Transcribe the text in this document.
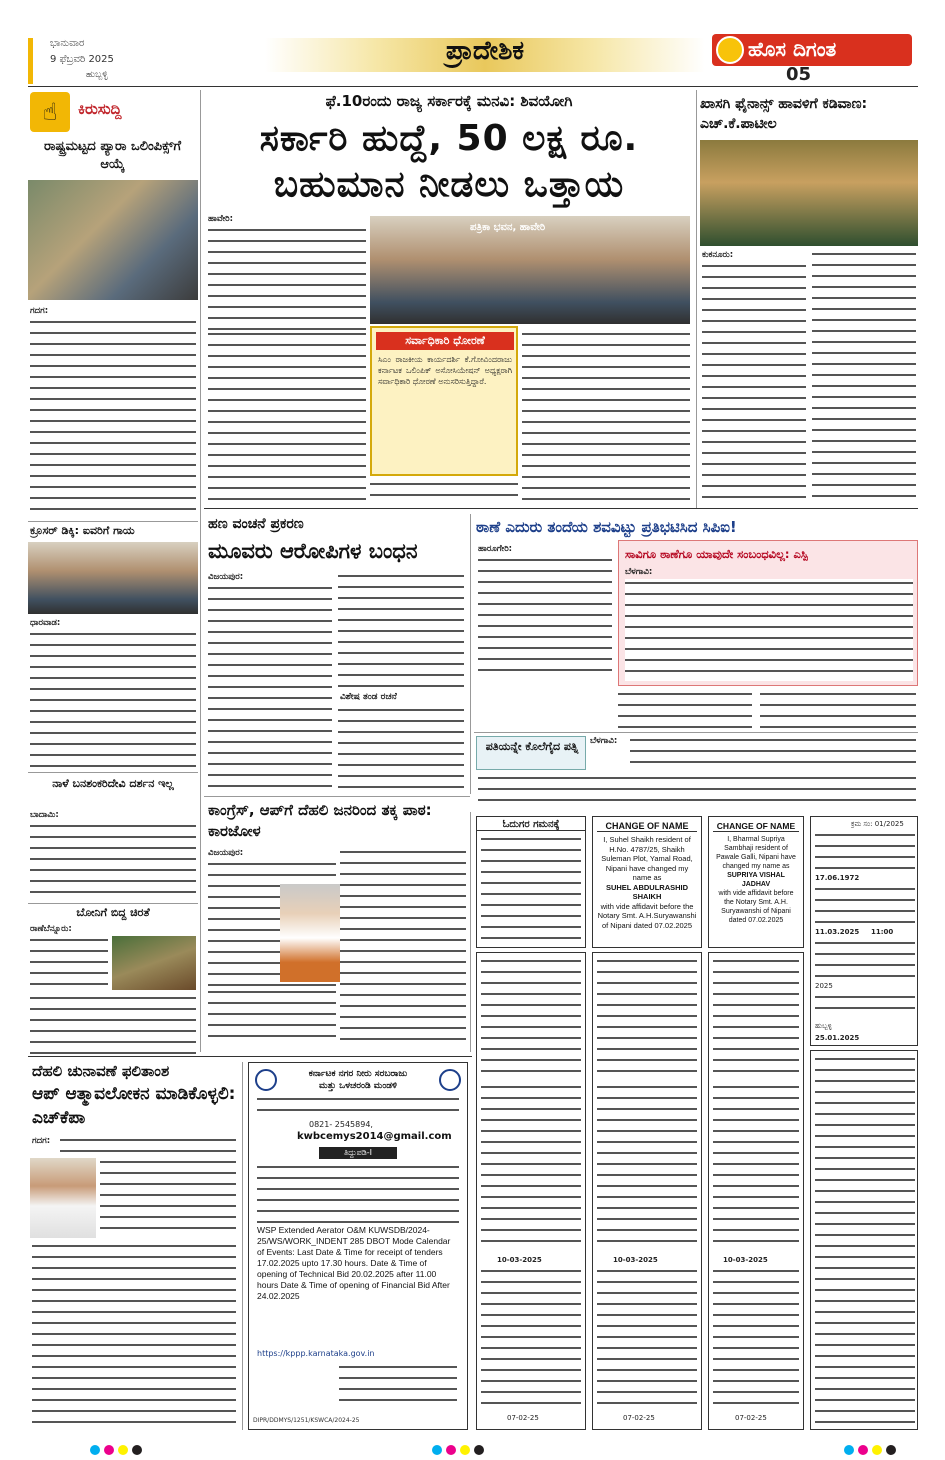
ಭಾನುವಾರ
9 ಫೆಬ್ರವರಿ 2025
ಹುಬ್ಬಳ್ಳಿ
ಪ್ರಾದೇಶಿಕ	ಹೊಸ ದಿಗಂತ
05
☝	ಕಿರುಸುದ್ದಿ
ರಾಷ್ಟ್ರಮಟ್ಟದ ಪ್ಯಾರಾ ಒಲಿಂಪಿಕ್ಸ್‌ಗೆ ಆಯ್ಕೆ
ಗದಗ:
ಕ್ರೂಸರ್ ಡಿಕ್ಕಿ: ಐವರಿಗೆ ಗಾಯ
ಧಾರವಾಡ:
ನಾಳೆ ಬನಶಂಕರಿದೇವಿ ದರ್ಶನ ಇಲ್ಲ
ಬಾದಾಮಿ:
ಬೋನಿಗೆ ಬಿದ್ದ ಚಿರತೆ
ರಾಣೆಬೆನ್ನೂರು:
ಫೆ.10ರಂದು ರಾಜ್ಯ ಸರ್ಕಾರಕ್ಕೆ ಮನವಿ: ಶಿವಯೋಗಿ
ಸರ್ಕಾರಿ ಹುದ್ದೆ, 50 ಲಕ್ಷ ರೂ.
ಬಹುಮಾನ ನೀಡಲು ಒತ್ತಾಯ
ಹಾವೇರಿ:
ಪತ್ರಿಕಾ ಭವನ, ಹಾವೇರಿ
ಸರ್ವಾಧಿಕಾರಿ ಧೋರಣೆ
ಸಿಎಂ ರಾಜಕೀಯ ಕಾರ್ಯದರ್ಶಿ ಕೆ.ಗೋವಿಂದರಾಜು ಕರ್ನಾಟಕ ಒಲಿಂಪಿಕ್ ಅಸೋಸಿಯೇಷನ್ ಅಧ್ಯಕ್ಷರಾಗಿ ಸರ್ವಾಧಿಕಾರಿ ಧೋರಣೆ ಅನುಸರಿಸುತ್ತಿದ್ದಾರೆ.
ಖಾಸಗಿ ಫೈನಾನ್ಸ್ ಹಾವಳಿಗೆ ಕಡಿವಾಣ: ಎಚ್.ಕೆ.ಪಾಟೀಲ
ಕುಕನೂರು:
ಹಣ ವಂಚನೆ ಪ್ರಕರಣ
ಮೂವರು ಆರೋಪಿಗಳ ಬಂಧನ
ವಿಜಯಪುರ:
ವಿಶೇಷ ತಂಡ ರಚನೆ
ಠಾಣೆ ಎದುರು ತಂದೆಯ ಶವವಿಟ್ಟು ಪ್ರತಿಭಟಿಸಿದ ಸಿಪಿಐ!
ಹಾರೂಗೇರಿ:	ಸಾವಿಗೂ ಠಾಣೆಗೂ ಯಾವುದೇ ಸಂಬಂಧವಿಲ್ಲ: ಎಸ್ಪಿ
ಬೆಳಗಾವಿ:
ಪತಿಯನ್ನೇ ಕೊಲೆಗೈದ ಪತ್ನಿ	ಬೆಳಗಾವಿ:
ಕಾಂಗ್ರೆಸ್, ಆಪ್‌ಗೆ ದೆಹಲಿ ಜನರಿಂದ ತಕ್ಕ ಪಾಠ: ಕಾರಜೋಳ
ವಿಜಯಪುರ:
ಓದುಗರ ಗಮನಕ್ಕೆ	CHANGE OF NAME
I, Suhel Shaikh resident of H.No. 4787/25, Shaikh Suleman Plot, Yamal Road, Nipani have changed my name as
SUHEL ABDULRASHID SHAIKH
with vide affidavit before the Notary Smt. A.H.Suryawanshi of Nipani dated 07.02.2025
CHANGE OF NAME
I, Bharmal Supriya Sambhaji resident of Pawale Galli, Nipani have changed my name as
SUPRIYA VISHAL JADHAV
with vide affidavit before the Notary Smt. A.H. Suryawanshi of Nipani dated 07.02.2025
ಕ್ರಮ ಸಂ: 01/2025
17.06.1972
11.03.2025 11:00
2025
ಹುಬ್ಬಳ್ಳಿ
25.01.2025
10-03-2025
07-02-25
10-03-2025
07-02-25
10-03-2025
07-02-25
ದೆಹಲಿ ಚುನಾವಣೆ ಫಲಿತಾಂಶ
ಆಪ್ ಆತ್ಮಾವಲೋಕನ ಮಾಡಿಕೊಳ್ಳಲಿ: ಎಚ್‌ಕೆಪಾ
ಗದಗ:
ಕರ್ನಾಟಕ ನಗರ ನೀರು ಸರಬರಾಜು
ಮತ್ತು ಒಳಚರಂಡಿ ಮಂಡಳಿ
0821- 2545894,
kwbcemys2014@gmail.com
ತಿದ್ದುಪಡಿ-I
WSP Extended Aerator O&M KUWSDB/2024-25/WS/WORK_INDENT 285 DBOT Mode Calendar of Events: Last Date & Time for receipt of tenders 17.02.2025 upto 17.30 hours. Date & Time of opening of Technical Bid 20.02.2025 after 11.00 hours Date & Time of opening of Financial Bid After 24.02.2025
https://kppp.karnataka.gov.in
DIPR/DDMYS/1251/KSWCA/2024-25
